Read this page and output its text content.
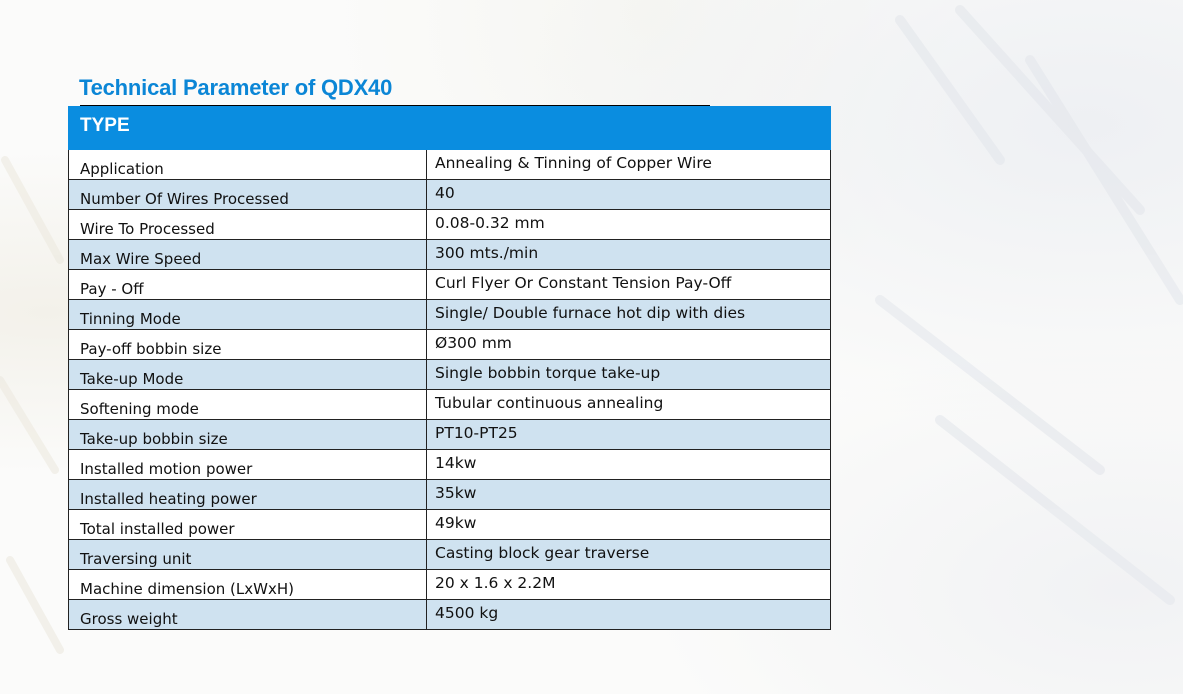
Technical Parameter of QDX40
TYPE	
Application	Annealing & Tinning of Copper Wire
Number Of Wires Processed	40
Wire To Processed	0.08-0.32 mm
Max Wire Speed	300 mts./min
Pay - Off	Curl Flyer Or Constant Tension Pay-Off
Tinning Mode	Single/ Double furnace hot dip with dies
Pay-off bobbin size	Ø300 mm
Take-up Mode	Single bobbin torque take-up
Softening mode	Tubular continuous annealing
Take-up bobbin size	PT10-PT25
Installed motion power	14kw
Installed heating power	35kw
Total installed power	49kw
Traversing unit	Casting block gear traverse
Machine dimension (LxWxH)	20 x 1.6 x 2.2M
Gross weight	4500 kg
